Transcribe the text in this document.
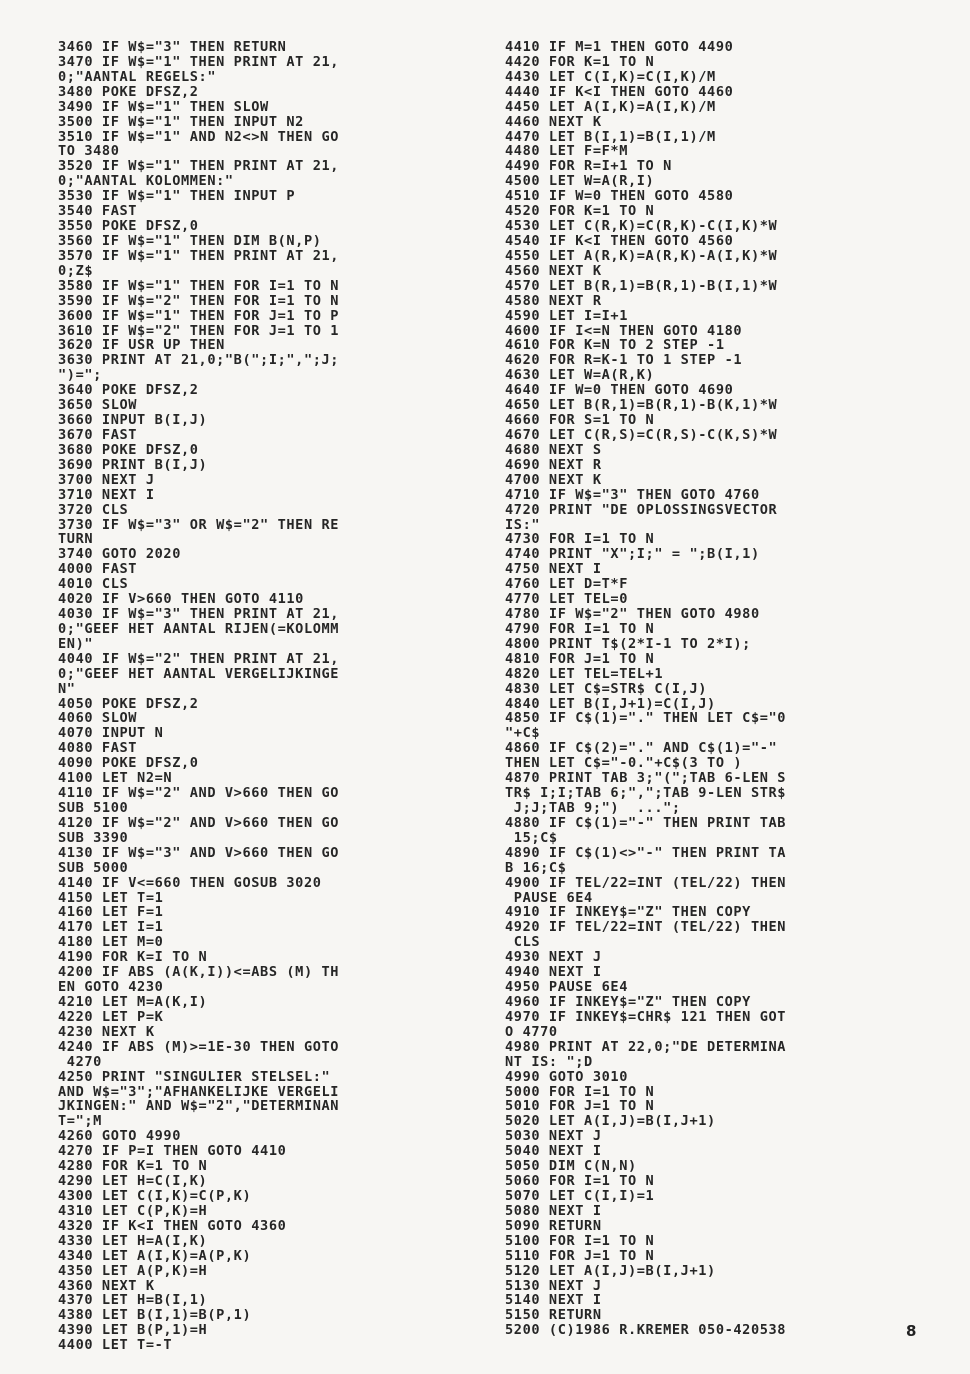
3460 IF W$="3" THEN RETURN
3470 IF W$="1" THEN PRINT AT 21,
0;"AANTAL REGELS:"
3480 POKE DFSZ,2
3490 IF W$="1" THEN SLOW
3500 IF W$="1" THEN INPUT N2
3510 IF W$="1" AND N2<>N THEN GO
TO 3480
3520 IF W$="1" THEN PRINT AT 21,
0;"AANTAL KOLOMMEN:"
3530 IF W$="1" THEN INPUT P
3540 FAST
3550 POKE DFSZ,0
3560 IF W$="1" THEN DIM B(N,P)
3570 IF W$="1" THEN PRINT AT 21,
0;Z$
3580 IF W$="1" THEN FOR I=1 TO N
3590 IF W$="2" THEN FOR I=1 TO N
3600 IF W$="1" THEN FOR J=1 TO P
3610 IF W$="2" THEN FOR J=1 TO 1
3620 IF USR UP THEN
3630 PRINT AT 21,0;"B(";I;",";J;
")=";
3640 POKE DFSZ,2
3650 SLOW
3660 INPUT B(I,J)
3670 FAST
3680 POKE DFSZ,0
3690 PRINT B(I,J)
3700 NEXT J
3710 NEXT I
3720 CLS
3730 IF W$="3" OR W$="2" THEN RE
TURN
3740 GOTO 2020
4000 FAST
4010 CLS
4020 IF V>660 THEN GOTO 4110
4030 IF W$="3" THEN PRINT AT 21,
0;"GEEF HET AANTAL RIJEN(=KOLOMM
EN)"
4040 IF W$="2" THEN PRINT AT 21,
0;"GEEF HET AANTAL VERGELIJKINGE
N"
4050 POKE DFSZ,2
4060 SLOW
4070 INPUT N
4080 FAST
4090 POKE DFSZ,0
4100 LET N2=N
4110 IF W$="2" AND V>660 THEN GO
SUB 5100
4120 IF W$="2" AND V>660 THEN GO
SUB 3390
4130 IF W$="3" AND V>660 THEN GO
SUB 5000
4140 IF V<=660 THEN GOSUB 3020
4150 LET T=1
4160 LET F=1
4170 LET I=1
4180 LET M=0
4190 FOR K=I TO N
4200 IF ABS (A(K,I))<=ABS (M) TH
EN GOTO 4230
4210 LET M=A(K,I)
4220 LET P=K
4230 NEXT K
4240 IF ABS (M)>=1E-30 THEN GOTO
4270
4250 PRINT "SINGULIER STELSEL:"
AND W$="3";"AFHANKELIJKE VERGELI
JKINGEN:" AND W$="2","DETERMINAN
T=";M
4260 GOTO 4990
4270 IF P=I THEN GOTO 4410
4280 FOR K=1 TO N
4290 LET H=C(I,K)
4300 LET C(I,K)=C(P,K)
4310 LET C(P,K)=H
4320 IF K<I THEN GOTO 4360
4330 LET H=A(I,K)
4340 LET A(I,K)=A(P,K)
4350 LET A(P,K)=H
4360 NEXT K
4370 LET H=B(I,1)
4380 LET B(I,1)=B(P,1)
4390 LET B(P,1)=H
4400 LET T=-T
4410 IF M=1 THEN GOTO 4490
4420 FOR K=1 TO N
4430 LET C(I,K)=C(I,K)/M
4440 IF K<I THEN GOTO 4460
4450 LET A(I,K)=A(I,K)/M
4460 NEXT K
4470 LET B(I,1)=B(I,1)/M
4480 LET F=F*M
4490 FOR R=I+1 TO N
4500 LET W=A(R,I)
4510 IF W=0 THEN GOTO 4580
4520 FOR K=1 TO N
4530 LET C(R,K)=C(R,K)-C(I,K)*W
4540 IF K<I THEN GOTO 4560
4550 LET A(R,K)=A(R,K)-A(I,K)*W
4560 NEXT K
4570 LET B(R,1)=B(R,1)-B(I,1)*W
4580 NEXT R
4590 LET I=I+1
4600 IF I<=N THEN GOTO 4180
4610 FOR K=N TO 2 STEP -1
4620 FOR R=K-1 TO 1 STEP -1
4630 LET W=A(R,K)
4640 IF W=0 THEN GOTO 4690
4650 LET B(R,1)=B(R,1)-B(K,1)*W
4660 FOR S=1 TO N
4670 LET C(R,S)=C(R,S)-C(K,S)*W
4680 NEXT S
4690 NEXT R
4700 NEXT K
4710 IF W$="3" THEN GOTO 4760
4720 PRINT "DE OPLOSSINGSVECTOR
IS:"
4730 FOR I=1 TO N
4740 PRINT "X";I;" = ";B(I,1)
4750 NEXT I
4760 LET D=T*F
4770 LET TEL=0
4780 IF W$="2" THEN GOTO 4980
4790 FOR I=1 TO N
4800 PRINT T$(2*I-1 TO 2*I);
4810 FOR J=1 TO N
4820 LET TEL=TEL+1
4830 LET C$=STR$ C(I,J)
4840 LET B(I,J+1)=C(I,J)
4850 IF C$(1)="." THEN LET C$="0
"+C$
4860 IF C$(2)="." AND C$(1)="-"
THEN LET C$="-0."+C$(3 TO )
4870 PRINT TAB 3;"(";TAB 6-LEN S
TR$ I;I;TAB 6;",";TAB 9-LEN STR$
J;J;TAB 9;")  ...";
4880 IF C$(1)="-" THEN PRINT TAB
15;C$
4890 IF C$(1)<>"-" THEN PRINT TA
B 16;C$
4900 IF TEL/22=INT (TEL/22) THEN
PAUSE 6E4
4910 IF INKEY$="Z" THEN COPY
4920 IF TEL/22=INT (TEL/22) THEN
CLS
4930 NEXT J
4940 NEXT I
4950 PAUSE 6E4
4960 IF INKEY$="Z" THEN COPY
4970 IF INKEY$=CHR$ 121 THEN GOT
O 4770
4980 PRINT AT 22,0;"DE DETERMINA
NT IS: ";D
4990 GOTO 3010
5000 FOR I=1 TO N
5010 FOR J=1 TO N
5020 LET A(I,J)=B(I,J+1)
5030 NEXT J
5040 NEXT I
5050 DIM C(N,N)
5060 FOR I=1 TO N
5070 LET C(I,I)=1
5080 NEXT I
5090 RETURN
5100 FOR I=1 TO N
5110 FOR J=1 TO N
5120 LET A(I,J)=B(I,J+1)
5130 NEXT J
5140 NEXT I
5150 RETURN
5200 (C)1986 R.KREMER 050-420538	8
